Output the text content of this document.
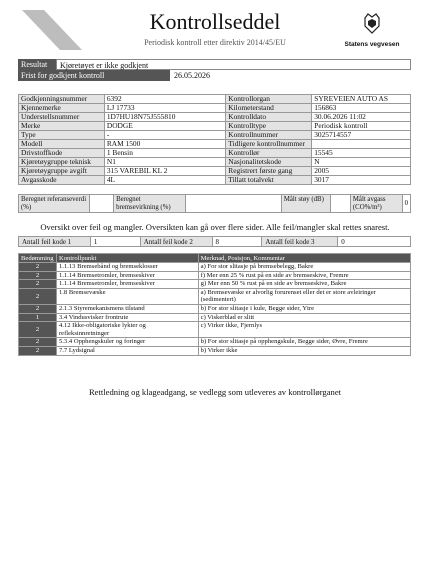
Kontrollseddel
Periodisk kontroll etter direktiv 2014/45/EU	Statens vegvesen
Resultat	Kjøretøyet er ikke godkjent
Frist for godkjent kontroll	26.05.2026
Godkjenningsnummer	6392	Kontrollorgan	SYREVEIEN AUTO AS
Kjennemerke	LJ 17733	Kilometerstand	156863
Understellsnummer	1D7HU18N75J555810	Kontrolldato	30.06.2026 11:02
Merke	DODGE	Kontrolltype	Periodisk kontroll
Type	-	Kontrollnummer	3025714557
Modell	RAM 1500	Tidligere kontrollnummer	
Drivstoffkode	1 Bensin	Kontrollør	15545
Kjøretøygruppe teknisk	N1	Nasjonalitetskode	N
Kjøretøygruppe avgift	315 VAREBIL KL 2	Registrert første gang	2005
Avgasskode	4L	Tillatt totalvekt	3017
Beregnet referanseverdi (%)		Beregnet bremsevirkning (%)		Målt støy (dB)		Målt avgass (CO%/m³)	0
Oversikt over feil og mangler. Oversikten kan gå over flere sider. Alle feil/mangler skal rettes snarest.
Antall feil kode 1	1	Antall feil kode 2	8	Antall feil kode 3	0
Bedømming	Kontrollpunkt	Merknad, Posisjon, Kommentar
2	1.1.13 Bremsebånd og bremseklosser	a) For stor slitasje på bremsebelegg, Bakre
2	1.1.14 Bremsetromler, bremseskiver	f) Mer enn 25 % rust på en side av bremseskive, Fremre
2	1.1.14 Bremsetromler, bremseskiver	g) Mer enn 50 % rust på en side av bremseskive, Bakre
2	1.8 Bremsevæske	a) Bremsevæske er alvorlig forurenset eller det er store avleiringer (sedimentert)
2	2.1.3 Styremekanismens tilstand	b) For stor slitasje i kule, Begge sider, Ytre
1	3.4 Vindusvisker frontrute	c) Viskerblad er slitt
2	4.12 Ikke-obligatoriske lykter og refleksinnretninger	c) Virker ikke, Fjernlys
2	5.3.4 Opphengskuler og foringer	b) For stor slitasje på opphengskule, Begge sider, Øvre, Fremre
2	7.7 Lydsignal	b) Virker ikke
Rettledning og klageadgang, se vedlegg som utleveres av kontrollørganet
